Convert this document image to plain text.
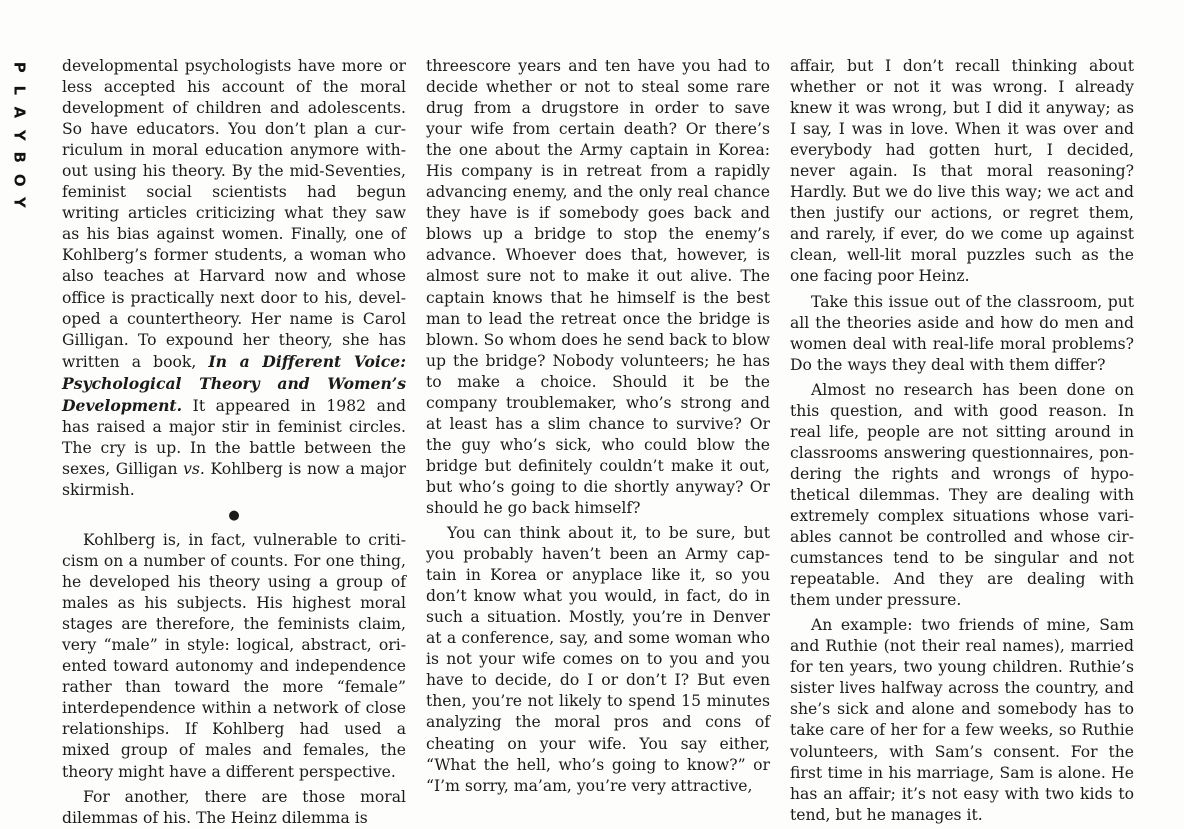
P
L
A
Y
B
O
Y

developmental psychologists have more or less accepted his account of the moral development of children and adolescents. So have educators. You don’t plan a curriculum in moral education anymore without using his theory. By the mid-Seventies, feminist social scientists had begun writing articles criticizing what they saw as his bias against women. Finally, one of Kohlberg’s former students, a woman who also teaches at Harvard now and whose office is practically next door to his, developed a countertheory. Her name is Carol Gilligan. To expound her theory, she has written a book, In a Different Voice: Psychological Theory and Women’s Development. It appeared in 1982 and has raised a major stir in feminist circles. The cry is up. In the battle between the sexes, Gilligan vs. Kohlberg is now a major skirmish.

●

Kohlberg is, in fact, vulnerable to criticism on a number of counts. For one thing, he developed his theory using a group of males as his subjects. His highest moral stages are therefore, the feminists claim, very “male” in style: logical, abstract, oriented toward autonomy and independence rather than toward the more “female” interdependence within a network of close relationships. If Kohlberg had used a mixed group of males and females, the theory might have a different perspective.

For another, there are those moral dilemmas of his. The Heinz dilemma is

threescore years and ten have you had to decide whether or not to steal some rare drug from a drugstore in order to save your wife from certain death? Or there’s the one about the Army captain in Korea: His company is in retreat from a rapidly advancing enemy, and the only real chance they have is if somebody goes back and blows up a bridge to stop the enemy’s advance. Whoever does that, however, is almost sure not to make it out alive. The captain knows that he himself is the best man to lead the retreat once the bridge is blown. So whom does he send back to blow up the bridge? Nobody volunteers; he has to make a choice. Should it be the company troublemaker, who’s strong and at least has a slim chance to survive? Or the guy who’s sick, who could blow the bridge but definitely couldn’t make it out, but who’s going to die shortly anyway? Or should he go back himself?

You can think about it, to be sure, but you probably haven’t been an Army captain in Korea or anyplace like it, so you don’t know what you would, in fact, do in such a situation. Mostly, you’re in Denver at a conference, say, and some woman who is not your wife comes on to you and you have to decide, do I or don’t I? But even then, you’re not likely to spend 15 minutes analyzing the moral pros and cons of cheating on your wife. You say either, “What the hell, who’s going to know?” or “I’m sorry, ma’am, you’re very attractive,

affair, but I don’t recall thinking about whether or not it was wrong. I already knew it was wrong, but I did it anyway; as I say, I was in love. When it was over and everybody had gotten hurt, I decided, never again. Is that moral reasoning? Hardly. But we do live this way; we act and then justify our actions, or regret them, and rarely, if ever, do we come up against clean, well-lit moral puzzles such as the one facing poor Heinz.

Take this issue out of the classroom, put all the theories aside and how do men and women deal with real-life moral problems? Do the ways they deal with them differ?

Almost no research has been done on this question, and with good reason. In real life, people are not sitting around in classrooms answering questionnaires, pondering the rights and wrongs of hypothetical dilemmas. They are dealing with extremely complex situations whose variables cannot be controlled and whose circumstances tend to be singular and not repeatable. And they are dealing with them under pressure.

An example: two friends of mine, Sam and Ruthie (not their real names), married for ten years, two young children. Ruthie’s sister lives halfway across the country, and she’s sick and alone and somebody has to take care of her for a few weeks, so Ruthie volunteers, with Sam’s consent. For the first time in his marriage, Sam is alone. He has an affair; it’s not easy with two kids to tend, but he manages it.
